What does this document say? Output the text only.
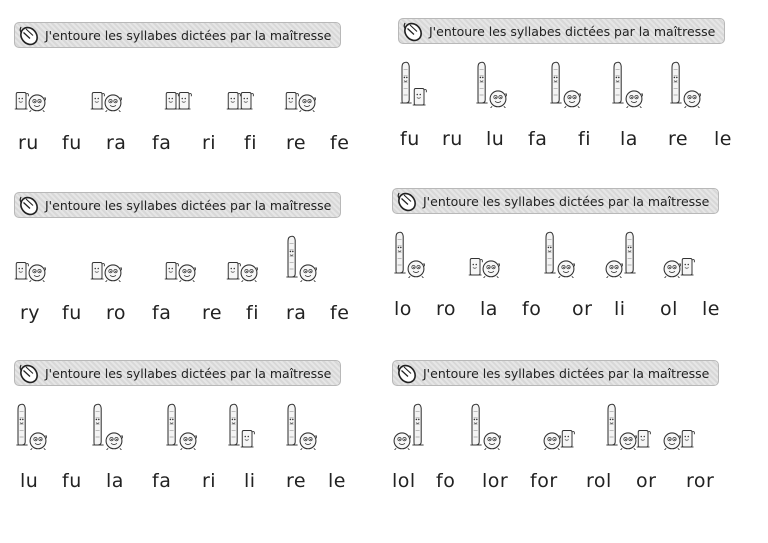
J'entoure les syllabes dictées par la maîtresse
ru fu ra fa ri fi re fe
J'entoure les syllabes dictées par la maîtresse
fu ru lu fa fi la re le
J'entoure les syllabes dictées par la maîtresse
ry fu ro fa re fi ra fe
J'entoure les syllabes dictées par la maîtresse
lo ro la fo or li ol le
J'entoure les syllabes dictées par la maîtresse
lu fu la fa ri li re le
J'entoure les syllabes dictées par la maîtresse
lol fo lor for rol or ror
